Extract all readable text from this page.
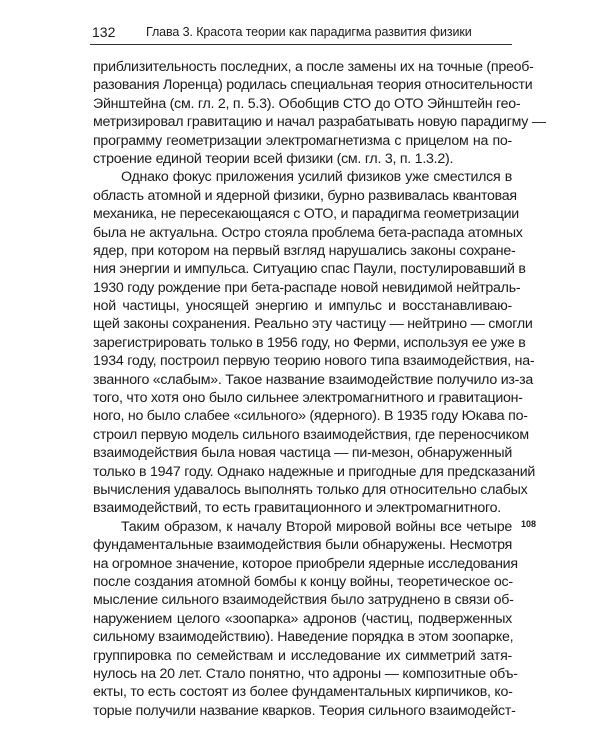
132 Глава 3. Красота теории как парадигма развития физики
приблизительность последних, а после замены их на точные (преоб-
разования Лоренца) родилась специальная теория относительности
Эйнштейна (см. гл. 2, п. 5.3). Обобщив СТО до ОТО Эйнштейн гео-
метризировал гравитацию и начал разрабатывать новую парадигму —
программу геометризации электромагнетизма с прицелом на по-
строение единой теории всей физики (см. гл. 3, п. 1.3.2).
Однако фокус приложения усилий физиков уже сместился в
область атомной и ядерной физики, бурно развивалась квантовая
механика, не пересекающаяся с ОТО, и парадигма геометризации
была не актуальна. Остро стояла проблема бета-распада атомных
ядер, при котором на первый взгляд нарушались законы сохране-
ния энергии и импульса. Ситуацию спас Паули, постулировавший в
1930 году рождение при бета-распаде новой невидимой нейтраль-
ной частицы, уносящей энергию и импульс и восстанавливаю-
щей законы сохранения. Реально эту частицу — нейтрино — смогли
зарегистрировать только в 1956 году, но Ферми, используя ее уже в
1934 году, построил первую теорию нового типа взаимодействия, на-
званного «слабым». Такое название взаимодействие получило из-за
того, что хотя оно было сильнее электромагнитного и гравитацион-
ного, но было слабее «сильного» (ядерного). В 1935 году Юкава по-
строил первую модель сильного взаимодействия, где переносчиком
взаимодействия была новая частица — пи-мезон, обнаруженный
только в 1947 году. Однако надежные и пригодные для предсказаний
вычисления удавалось выполнять только для относительно слабых
взаимодействий, то есть гравитационного и электромагнитного.
Таким образом, к началу Второй мировой войны все четыре
фундаментальные взаимодействия были обнаружены. Несмотря
на огромное значение, которое приобрели ядерные исследования
после создания атомной бомбы к концу войны, теоретическое ос-
мысление сильного взаимодействия было затруднено в связи об-
наружением целого «зоопарка» адронов (частиц, подверженных
сильному взаимодействию). Наведение порядка в этом зоопарке,
группировка по семействам и исследование их симметрий затя-
нулось на 20 лет. Стало понятно, что адроны — композитные объ-
екты, то есть состоят из более фундаментальных кирпичиков, ко-
торые получили название кварков. Теория сильного взаимодейст-
108
